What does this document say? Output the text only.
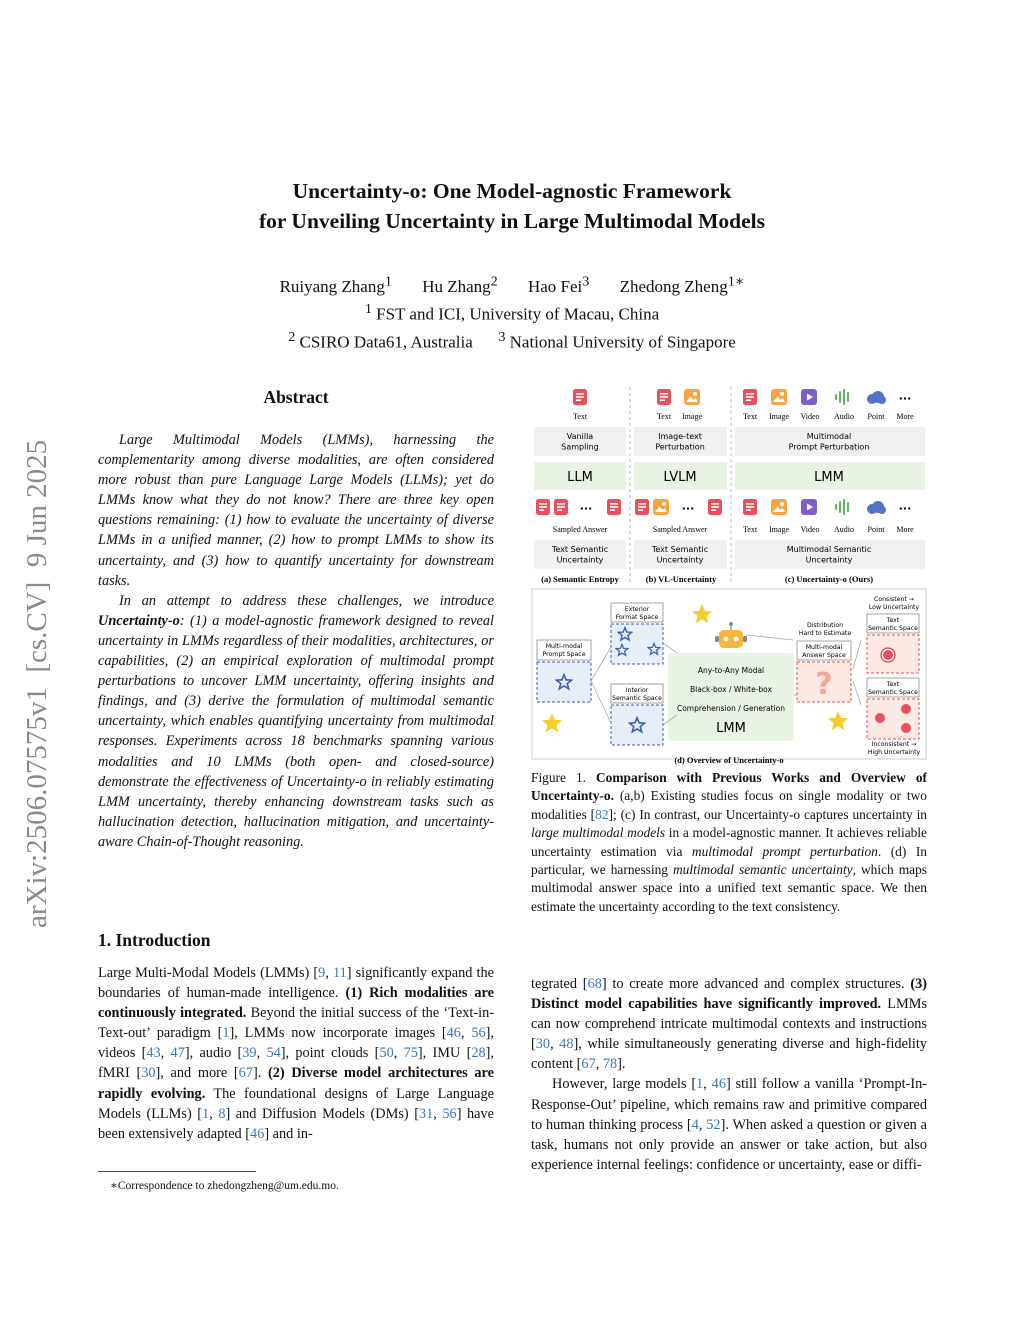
Uncertainty-o: One Model-agnostic Framework
for Unveiling Uncertainty in Large Multimodal Models
Ruiyang Zhang$^1$ Hu Zhang$^2$ Hao Fei$^3$ Zhedong Zheng$^{1∗}$
$^1$ FST and ICI, University of Macau, China
$^2$ CSIRO Data61, Australia $^3$ National University of Singapore
arXiv:2506.07575v1  [cs.CV]  9 Jun 2025
Abstract

Large Multimodal Models (LMMs), harnessing the complementarity among diverse modalities, are often considered more robust than pure Language Large Models (LLMs); yet do LMMs know what they do not know? There are three key open questions remaining: (1) how to evaluate the uncertainty of diverse LMMs in a unified manner, (2) how to prompt LMMs to show its uncertainty, and (3) how to quantify uncertainty for downstream tasks.

In an attempt to address these challenges, we introduce Uncertainty-o: (1) a model-agnostic framework designed to reveal uncertainty in LMMs regardless of their modalities, architectures, or capabilities, (2) an empirical exploration of multimodal prompt perturbations to uncover LMM uncertainty, offering insights and findings, and (3) derive the formulation of multimodal semantic uncertainty, which enables quantifying uncertainty from multimodal responses. Experiments across 18 benchmarks spanning various modalities and 10 LMMs (both open- and closed-source) demonstrate the effectiveness of Uncertainty-o in reliably estimating LMM uncertainty, thereby enhancing downstream tasks such as hallucination detection, hallucination mitigation, and uncertainty-aware Chain-of-Thought reasoning.

1. Introduction

Large Multi-Modal Models (LMMs) [9, 11] significantly expand the boundaries of human-made intelligence. (1) Rich modalities are continuously integrated. Beyond the initial success of the ‘Text-in-Text-out’ paradigm [1], LMMs now incorporate images [46, 56], videos [43, 47], audio [39, 54], point clouds [50, 75], IMU [28], fMRI [30], and more [67]. (2) Diverse model architectures are rapidly evolving. The foundational designs of Large Language Models (LLMs) [1, 8] and Diffusion Models (DMs) [31, 56] have been extensively adapted [46] and in-

∗Correspondence to zhedongzheng@um.edu.mo.

tegrated [68] to create more advanced and complex structures. (3) Distinct model capabilities have significantly improved. LMMs can now comprehend intricate multimodal contexts and instructions [30, 48], while simultaneously generating diverse and high-fidelity content [67, 78].

However, large models [1, 46] still follow a vanilla ‘Prompt-In-Response-Out’ pipeline, which remains raw and primitive compared to human thinking process [4, 52]. When asked a question or given a task, humans not only provide an answer or take action, but also experience internal feelings: confidence or uncertainty, ease or diffi-

Text
Vanilla Sampling
LLM
···
Sampled Answer
Text Semantic Uncertainty
(a) Semantic Entropy
Text Image
Image-text Perturbation
LVLM
···
Sampled Answer
Text Semantic Uncertainty
(b) VL-Uncertainty
···
Text Image Video Audio Point More
Multimodal Prompt Perturbation
LMM
···
Text Image Video Audio Point More
Multimodal Semantic Uncertainty
(c) Uncertainty-o (Ours)
Multi-modal Prompt Space
Exterior Format Space
Interior Semantic Space
Any-to-Any Modal
Black-box / White-box
Comprehension / Generation
LMM
Distribution Hard to Estimate
Multi-modal Answer Space
?
Consistent → Low Uncertainty
Text Semantic Space
Text Semantic Space
Inconsistent → High Uncertainty
(d) Overview of Uncertainty-o
Figure 1. Comparison with Previous Works and Overview of Uncertainty-o. (a,b) Existing studies focus on single modality or two modalities [82]; (c) In contrast, our Uncertainty-o captures uncertainty in large multimodal models in a model-agnostic manner. It achieves reliable uncertainty estimation via multimodal prompt perturbation. (d) In particular, we harnessing multimodal semantic uncertainty, which maps multimodal answer space into a unified text semantic space. We then estimate the uncertainty according to the text consistency.
